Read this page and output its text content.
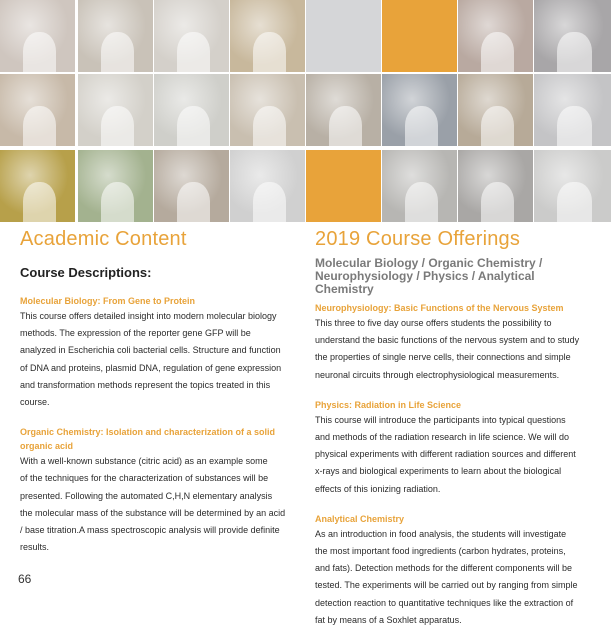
Academic Content
Course Descriptions:
Molecular Biology: From Gene to Protein
This course offers detailed insight into modern molecular biology
methods. The expression of the reporter gene GFP will be
analyzed in Escherichia coli bacterial cells. Structure and function
of DNA and proteins, plasmid DNA, regulation of gene expression
and transformation methods represent the topics treated in this
course.
Organic Chemistry: Isolation and characterization of a solid
organic acid
With a well-known substance (citric acid) as an example some
of the techniques for the characterization of substances will be
presented. Following the automated C,H,N elementary analysis
the molecular mass of the substance will be determined by an acid
/ base titration.A mass spectroscopic analysis will provide definite
results.
2019 Course Offerings
Molecular Biology / Organic Chemistry /
Neurophysiology / Physics / Analytical Chemistry
Neurophysiology: Basic Functions of the Nervous System
This three to five day ourse offers students the possibility to
understand the basic functions of the nervous system and to study
the properties of single nerve cells, their connections and simple
neuronal circuits through electrophysiological measurements.
Physics: Radiation in Life Science
This course will introduce the participants into typical questions
and methods of the radiation research in life science. We will do
physical experiments with different radiation sources and different
x-rays and biological experiments to learn about the biological
effects of this ionizing radiation.
Analytical Chemistry
As an introduction in food analysis, the students will investigate
the most important food ingredients (carbon hydrates, proteins,
and fats). Detection methods for the different components will be
tested. The experiments will be carried out by ranging from simple
detection reaction to quantitative techniques like the extraction of
fat by means of a Soxhlet apparatus.
66
